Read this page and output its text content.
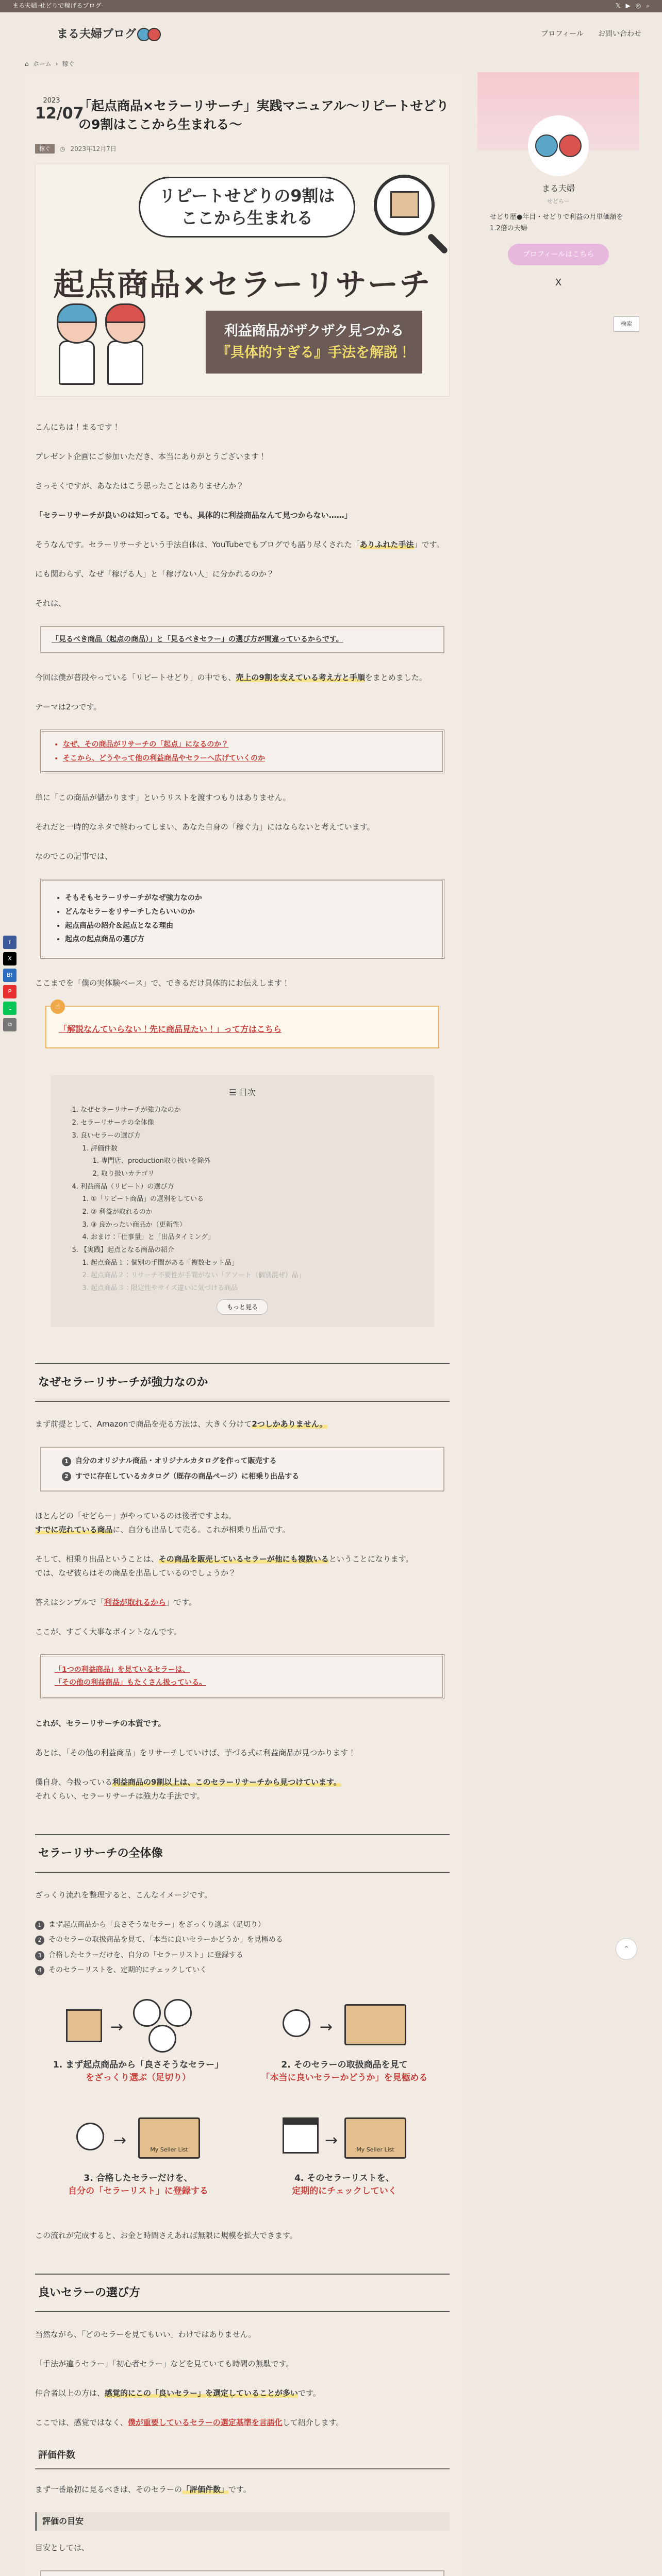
まる夫婦-せどりで稼げるブログ-	𝕏 ▶ ◎ ⌕
まる夫婦ブログ	プロフィール お問い合わせ
⌂ ホーム › 稼ぐ
2023
12/07
「起点商品×セラーリサーチ」実践マニュアル〜リピートせどりの9割はここから生まれる〜
稼ぐ	◷ 2023年12月7日
リピートせどりの9割は
ここから生まれる
起点商品×セラーリサーチ
利益商品がザクザク見つかる
『具体的すぎる』手法を解説！

こんにちは！まるです！

プレゼント企画にご参加いただき、本当にありがとうございます！

さっそくですが、あなたはこう思ったことはありませんか？

「セラーリサーチが良いのは知ってる。でも、具体的に利益商品なんて見つからない……」

そうなんです。セラーリサーチという手法自体は、YouTubeでもブログでも語り尽くされた「ありふれた手法」です。

にも関わらず、なぜ「稼げる人」と「稼げない人」に分かれるのか？

それは、

「見るべき商品（起点の商品）」と「見るべきセラー」の選び方が間違っているからです。

今回は僕が普段やっている「リピートせどり」の中でも、売上の9割を支えている考え方と手順をまとめました。

テーマは2つです。

• なぜ、その商品がリサーチの「起点」になるのか？
• そこから、どうやって他の利益商品やセラーへ広げていくのか

単に「この商品が儲かります」というリストを渡すつもりはありません。

それだと一時的なネタで終わってしまい、あなた自身の「稼ぐ力」にはならないと考えています。

なのでこの記事では、

• そもそもセラーリサーチがなぜ強力なのか
• どんなセラーをリサーチしたらいいのか
• 起点商品の紹介＆起点となる理由
• 起点の起点商品の選び方

ここまでを「僕の実体験ベース」で、できるだけ具体的にお伝えします！

☝
「解説なんていらない！先に商品見たい！」って方はこちら
☰ 目次
1. なぜセラーリサーチが強力なのか
2. セラーリサーチの全体像
3. 良いセラーの選び方
1. 評価件数
1. 専門店、production取り扱いを除外
2. 取り扱いカテゴリ
4. 利益商品（リピート）の選び方
1. ①「リピート商品」の選別をしている
2. ② 利益が取れるのか
3. ③ 良かったい商品か（更新性）
4. おまけ：「仕事量」と「出品タイミング」
5. 【実践】起点となる商品の紹介
1. 起点商品１：個別の手間がある「複数セット品」
2. 起点商品２：リサーチ不要性が手間がない「アソート（個別混ぜ）品」
3. 起点商品３：限定性やサイズ違いに気づける商品
もっと見る
なぜセラーリサーチが強力なのか

まず前提として、Amazonで商品を売る方法は、大きく分けて2つしかありません。

1 自分のオリジナル商品・オリジナルカタログを作って販売する
2 すでに存在しているカタログ（既存の商品ページ）に相乗り出品する

ほとんどの「せどらー」がやっているのは後者ですよね。

すでに売れている商品に、自分も出品して売る。これが相乗り出品です。

そして、相乗り出品ということは、その商品を販売しているセラーが他にも複数いるということになります。

では、なぜ彼らはその商品を出品しているのでしょうか？

答えはシンプルで「利益が取れるから」です。

ここが、すごく大事なポイントなんです。

「1つの利益商品」を見ているセラーは、
「その他の利益商品」もたくさん扱っている。

これが、セラーリサーチの本質です。

あとは、「その他の利益商品」をリサーチしていけば、芋づる式に利益商品が見つかります！

僕自身、今扱っている利益商品の9割以上は、このセラーリサーチから見つけています。

それくらい、セラーリサーチは強力な手法です。

セラーリサーチの全体像

ざっくり流れを整理すると、こんなイメージです。

1 まず起点商品から「良さそうなセラー」をざっくり選ぶ（足切り）
2 そのセラーの取扱商品を見て、「本当に良いセラーかどうか」を見極める
3 合格したセラーだけを、自分の「セラーリスト」に登録する
4 そのセラーリストを、定期的にチェックしていく
→
1. まず起点商品から「良さそうなセラー」
をざっくり選ぶ（足切り）
→
2. そのセラーの取扱商品を見て
「本当に良いセラーかどうか」を見極める
→
My Seller List
3. 合格したセラーだけを、
自分の「セラーリスト」に登録する
→
My Seller List
4. そのセラーリストを、
定期的にチェックしていく

この流れが完成すると、お金と時間さえあれば無限に規模を拡大できます。

良いセラーの選び方

当然ながら、「どのセラーを見てもいい」わけではありません。

「手法が違うセラー」「初心者セラー」などを見ていても時間の無駄です。

仲合者以上の方は、感覚的にこの「良いセラー」を選定していることが多いです。

ここでは、感覚ではなく、僕が重要しているセラーの選定基準を言語化して紹介します。

評価件数

まず一番最初に見るべきは、そのセラーの「評価件数」です。

評価の目安

目安としては、

まる夫婦
せどらー
せどり歴●年目・せどりで利益の月単価額を1.2倍の夫婦
プロフィールはこちら
X
検索
f
X
B!
P
L
⧉
⌃
